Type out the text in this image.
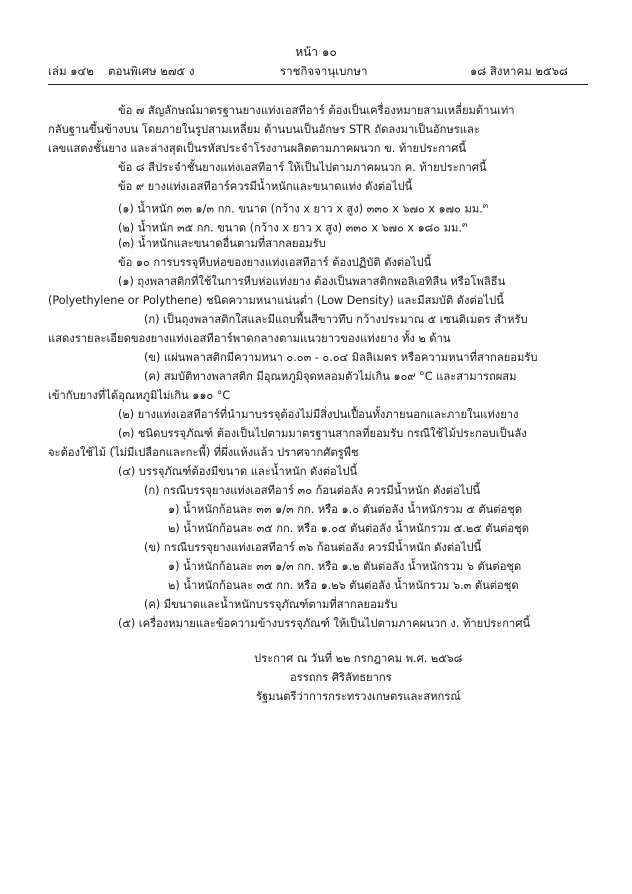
หน้า ๑๐
เล่ม ๑๔๒ ตอนพิเศษ ๒๗๕ ง	ราชกิจจานุเบกษา	๑๘ สิงหาคม ๒๕๖๘
ข้อ ๗ สัญลักษณ์มาตรฐานยางแท่งเอสทีอาร์ ต้องเป็นเครื่องหมายสามเหลี่ยมด้านเท่า
กลับฐานขึ้นข้างบน โดยภายในรูปสามเหลี่ยม ด้านบนเป็นอักษร STR ถัดลงมาเป็นอักษรและ
เลขแสดงชั้นยาง และล่างสุดเป็นรหัสประจำโรงงานผลิตตามภาคผนวก ข. ท้ายประกาศนี้
ข้อ ๘ สีประจำชั้นยางแท่งเอสทีอาร์ ให้เป็นไปตามภาคผนวก ค. ท้ายประกาศนี้
ข้อ ๙ ยางแท่งเอสทีอาร์ควรมีน้ำหนักและขนาดแท่ง ดังต่อไปนี้
(๑) น้ำหนัก ๓๓ ๑/๓ กก. ขนาด (กว้าง x ยาว x สูง) ๓๓๐ x ๖๗๐ x ๑๗๐ มม.$^๓$
(๒) น้ำหนัก ๓๕ กก. ขนาด (กว้าง x ยาว x สูง) ๓๓๐ x ๖๗๐ x ๑๘๐ มม.$^๓$
(๓) น้ำหนักและขนาดอื่นตามที่สากลยอมรับ
ข้อ ๑๐ การบรรจุหีบห่อของยางแท่งเอสทีอาร์ ต้องปฏิบัติ ดังต่อไปนี้
(๑) ถุงพลาสติกที่ใช้ในการหีบห่อแท่งยาง ต้องเป็นพลาสติกพอลิเอทิลีน หรือโพลิธีน
(Polyethylene or Polythene) ชนิดความหนาแน่นต่ำ (Low Density) และมีสมบัติ ดังต่อไปนี้
(ก) เป็นถุงพลาสติกใสและมีแถบพื้นสีขาวทึบ กว้างประมาณ ๕ เซนติเมตร สำหรับ
แสดงรายละเอียดของยางแท่งเอสทีอาร์พาดกลางตามแนวยาวของแท่งยาง ทั้ง ๒ ด้าน
(ข) แผ่นพลาสติกมีความหนา ๐.๐๓ - ๐.๐๔ มิลลิเมตร หรือความหนาที่สากลยอมรับ
(ค) สมบัติทางพลาสติก มีอุณหภูมิจุดหลอมตัวไม่เกิน ๑๐๙ °C และสามารถผสม
เข้ากับยางที่ได้อุณหภูมิไม่เกิน ๑๑๐ °C
(๒) ยางแท่งเอสทีอาร์ที่นำมาบรรจุต้องไม่มีสิ่งปนเปื้อนทั้งภายนอกและภายในแท่งยาง
(๓) ชนิดบรรจุภัณฑ์ ต้องเป็นไปตามมาตรฐานสากลที่ยอมรับ กรณีใช้ไม้ประกอบเป็นลัง
จะต้องใช้ไม้ (ไม่มีเปลือกและกะพี้) ที่ผึ่งแห้งแล้ว ปราศจากศัตรูพืช
(๔) บรรจุภัณฑ์ต้องมีขนาด และน้ำหนัก ดังต่อไปนี้
(ก) กรณีบรรจุยางแท่งเอสทีอาร์ ๓๐ ก้อนต่อลัง ควรมีน้ำหนัก ดังต่อไปนี้
๑) น้ำหนักก้อนละ ๓๓ ๑/๓ กก. หรือ ๑.๐ ตันต่อลัง น้ำหนักรวม ๕ ตันต่อชุด
๒) น้ำหนักก้อนละ ๓๕ กก. หรือ ๑.๐๕ ตันต่อลัง น้ำหนักรวม ๕.๒๕ ตันต่อชุด
(ข) กรณีบรรจุยางแท่งเอสทีอาร์ ๓๖ ก้อนต่อลัง ควรมีน้ำหนัก ดังต่อไปนี้
๑) น้ำหนักก้อนละ ๓๓ ๑/๓ กก. หรือ ๑.๒ ตันต่อลัง น้ำหนักรวม ๖ ตันต่อชุด
๒) น้ำหนักก้อนละ ๓๕ กก. หรือ ๑.๒๖ ตันต่อลัง น้ำหนักรวม ๖.๓ ตันต่อชุด
(ค) มีขนาดและน้ำหนักบรรจุภัณฑ์ตามที่สากลยอมรับ
(๕) เครื่องหมายและข้อความข้างบรรจุภัณฑ์ ให้เป็นไปตามภาคผนวก ง. ท้ายประกาศนี้
ประกาศ ณ วันที่ ๒๒ กรกฎาคม พ.ศ. ๒๕๖๘
อรรถกร ศิริลัทธยากร
รัฐมนตรีว่าการกระทรวงเกษตรและสหกรณ์
